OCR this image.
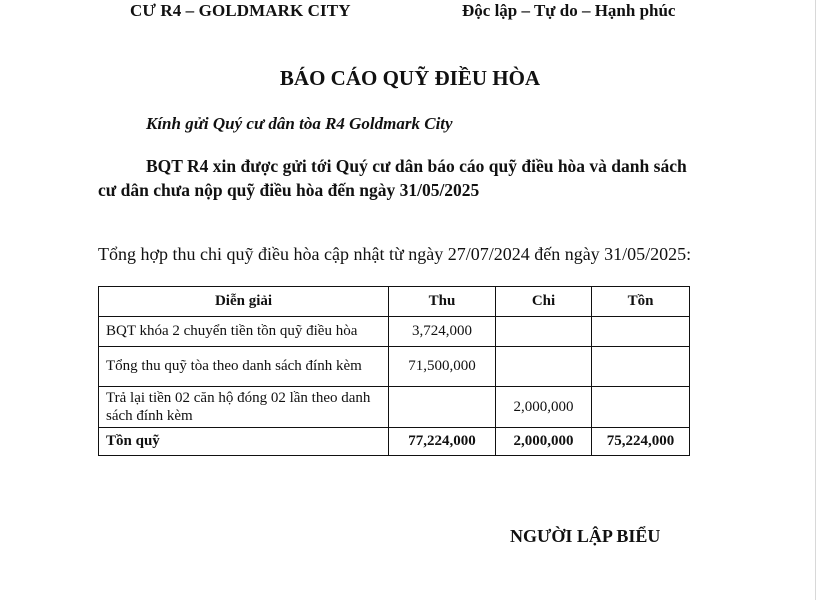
CƯ R4 – GOLDMARK CITY	Độc lập – Tự do – Hạnh phúc
BÁO CÁO QUỸ ĐIỀU HÒA
Kính gửi Quý cư dân tòa R4 Goldmark City
BQT R4 xin được gửi tới Quý cư dân báo cáo quỹ điều hòa và danh sách cư dân chưa nộp quỹ điều hòa đến ngày 31/05/2025
Tổng hợp thu chi quỹ điều hòa cập nhật từ ngày 27/07/2024 đến ngày 31/05/2025:
Diễn giải	Thu	Chi	Tồn
BQT khóa 2 chuyển tiền tồn quỹ điều hòa	3,724,000		
Tổng thu quỹ tòa theo danh sách đính kèm	71,500,000		
Trả lại tiền 02 căn hộ đóng 02 lần theo danh sách đính kèm		2,000,000	
Tồn quỹ	77,224,000	2,000,000	75,224,000
NGƯỜI LẬP BIỂU
